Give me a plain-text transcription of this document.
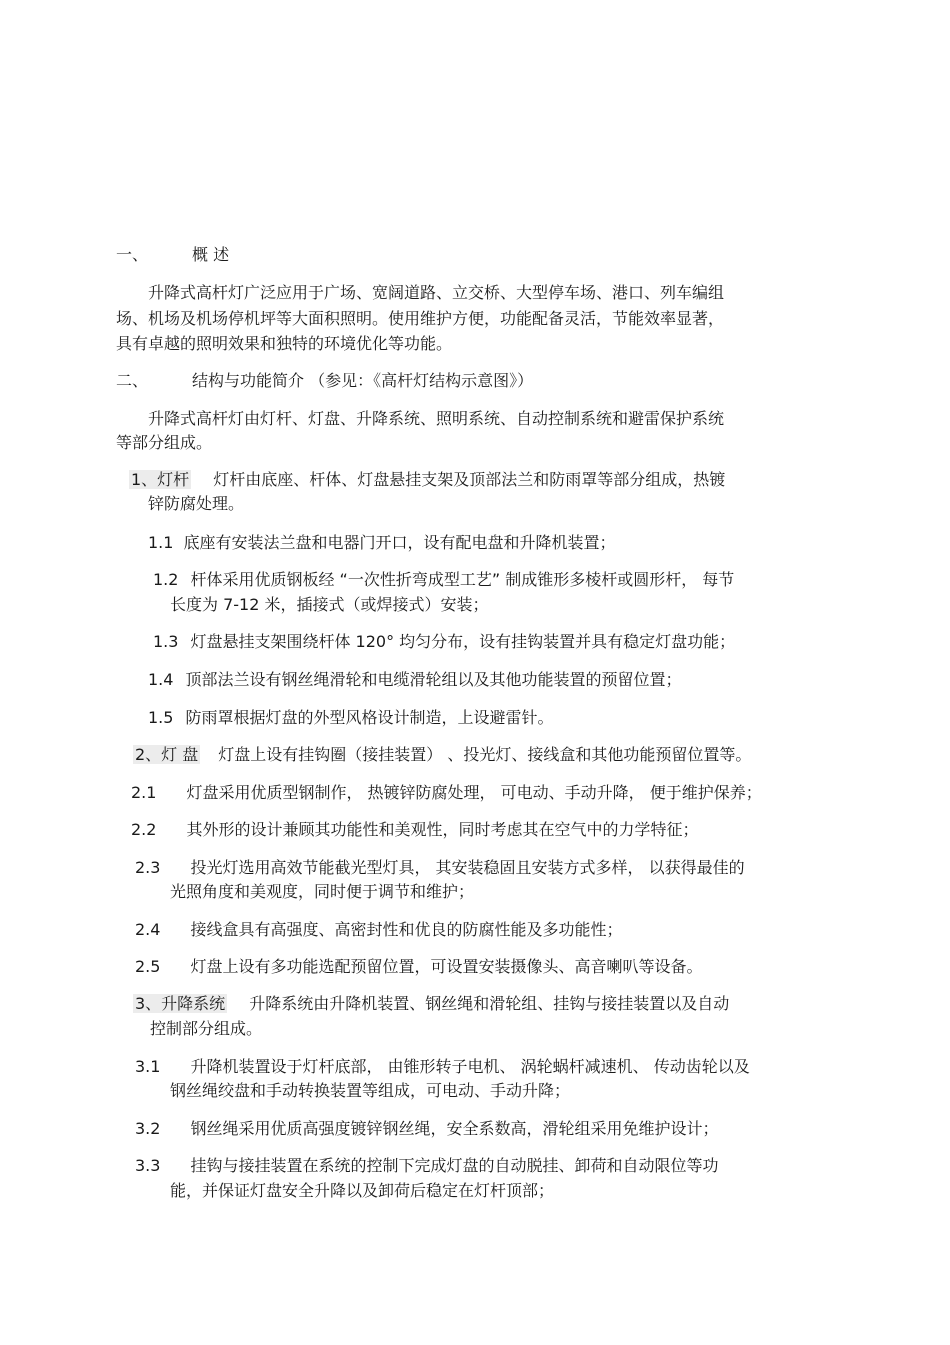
一、	概 述
升降式高杆灯广泛应用于广场、宽阔道路、立交桥、大型停车场、港口、列车编组
场、机场及机场停机坪等大面积照明。使用维护方便，功能配备灵活，节能效率显著，
具有卓越的照明效果和独特的环境优化等功能。
二、	结构与功能简介 （参见：《高杆灯结构示意图》）
升降式高杆灯由灯杆、灯盘、升降系统、照明系统、自动控制系统和避雷保护系统
等部分组成。
1、灯杆 灯杆由底座、杆体、灯盘悬挂支架及顶部法兰和防雨罩等部分组成，热镀
锌防腐处理。
1.1 底座有安装法兰盘和电器门开口，设有配电盘和升降机装置；
1.2 杆体采用优质钢板经 “一次性折弯成型工艺” 制成锥形多棱杆或圆形杆， 每节
长度为 7-12 米，插接式（或焊接式）安装；
1.3 灯盘悬挂支架围绕杆体 120° 均匀分布，设有挂钩装置并具有稳定灯盘功能；
1.4 顶部法兰设有钢丝绳滑轮和电缆滑轮组以及其他功能装置的预留位置；
1.5 防雨罩根据灯盘的外型风格设计制造，上设避雷针。
2、灯 盘 灯盘上设有挂钩圈（接挂装置） 、投光灯、接线盒和其他功能预留位置等。
2.1 灯盘采用优质型钢制作， 热镀锌防腐处理， 可电动、手动升降， 便于维护保养；
2.2 其外形的设计兼顾其功能性和美观性，同时考虑其在空气中的力学特征；
2.3 投光灯选用高效节能截光型灯具， 其安装稳固且安装方式多样， 以获得最佳的
光照角度和美观度，同时便于调节和维护；
2.4 接线盒具有高强度、高密封性和优良的防腐性能及多功能性；
2.5 灯盘上设有多功能选配预留位置，可设置安装摄像头、高音喇叭等设备。
3、升降系统 升降系统由升降机装置、钢丝绳和滑轮组、挂钩与接挂装置以及自动
控制部分组成。
3.1 升降机装置设于灯杆底部， 由锥形转子电机、 涡轮蜗杆减速机、 传动齿轮以及
钢丝绳绞盘和手动转换装置等组成，可电动、手动升降；
3.2 钢丝绳采用优质高强度镀锌钢丝绳，安全系数高，滑轮组采用免维护设计；
3.3 挂钩与接挂装置在系统的控制下完成灯盘的自动脱挂、卸荷和自动限位等功
能，并保证灯盘安全升降以及卸荷后稳定在灯杆顶部；
